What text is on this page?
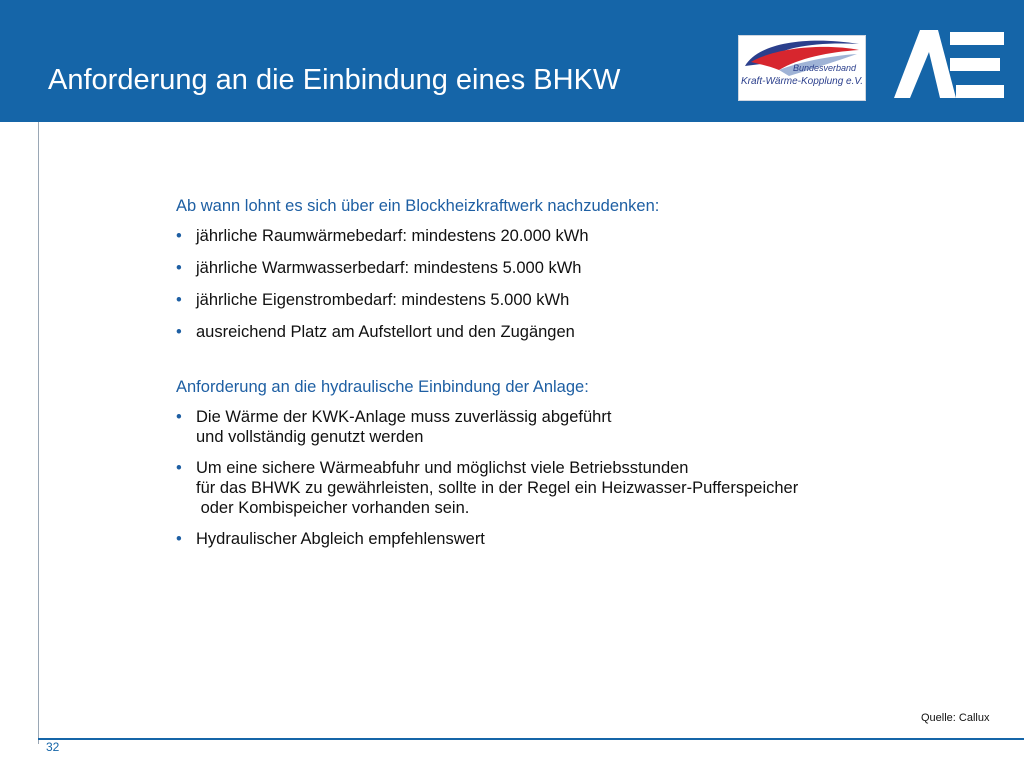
Anforderung an die Einbindung eines BHKW	Bundesverband
Kraft-Wärme-Kopplung e.V.
Ab wann lohnt es sich über ein Blockheizkraftwerk nachzudenken:
• jährliche Raumwärmebedarf: mindestens 20.000 kWh
• jährliche Warmwasserbedarf: mindestens 5.000 kWh
• jährliche Eigenstrombedarf: mindestens 5.000 kWh
• ausreichend Platz am Aufstellort und den Zugängen
Anforderung an die hydraulische Einbindung der Anlage:
• Die Wärme der KWK-Anlage muss zuverlässig abgeführt
und vollständig genutzt werden
• Um eine sichere Wärmeabfuhr und möglichst viele Betriebsstunden
für das BHWK zu gewährleisten, sollte in der Regel ein Heizwasser-Pufferspeicher
oder Kombispeicher vorhanden sein.
• Hydraulischer Abgleich empfehlenswert
Quelle: Callux
32
